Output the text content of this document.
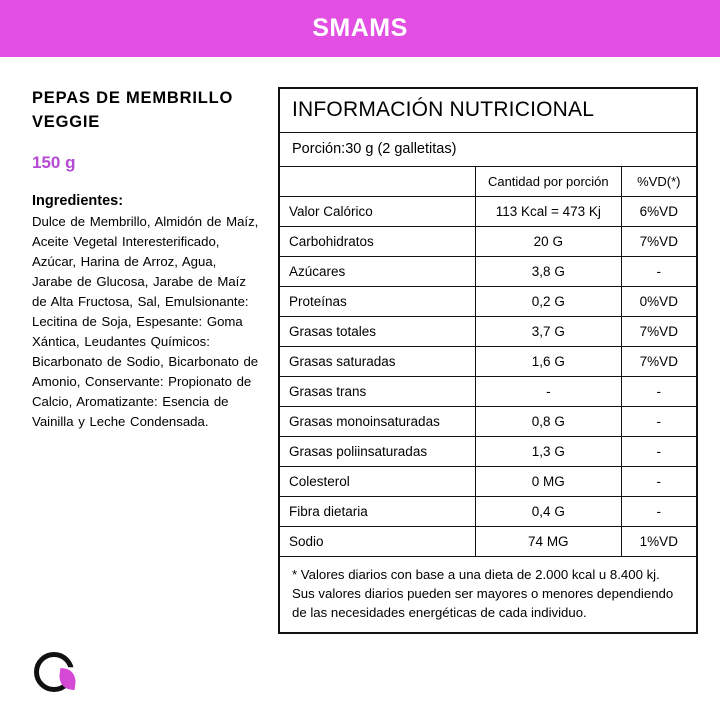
SMAMS
PEPAS DE MEMBRILLO VEGGIE
150 g
Ingredientes:
Dulce de Membrillo, Almidón de Maíz, Aceite Vegetal Interesterificado, Azúcar, Harina de Arroz, Agua, Jarabe de Glucosa, Jarabe de Maíz de Alta Fructosa, Sal, Emulsionante: Lecitina de Soja, Espesante: Goma Xántica, Leudantes Químicos: Bicarbonato de Sodio, Bicarbonato de Amonio, Conservante: Propionato de Calcio, Aromatizante: Esencia de Vainilla y Leche Condensada.
INFORMACIÓN NUTRICIONAL
Porción:30 g (2 galletitas)
	Cantidad por porción	%VD(*)
Valor Calórico	113 Kcal = 473 Kj	6%VD
Carbohidratos	20 G	7%VD
Azúcares	3,8 G	-
Proteínas	0,2 G	0%VD
Grasas totales	3,7 G	7%VD
Grasas saturadas	1,6 G	7%VD
Grasas trans	-	-
Grasas monoinsaturadas	0,8 G	-
Grasas poliinsaturadas	1,3 G	-
Colesterol	0 MG	-
Fibra dietaria	0,4 G	-
Sodio	74 MG	1%VD
* Valores diarios con base a una dieta de 2.000 kcal u 8.400 kj. Sus valores diarios pueden ser mayores o menores dependiendo de las necesidades energéticas de cada individuo.
